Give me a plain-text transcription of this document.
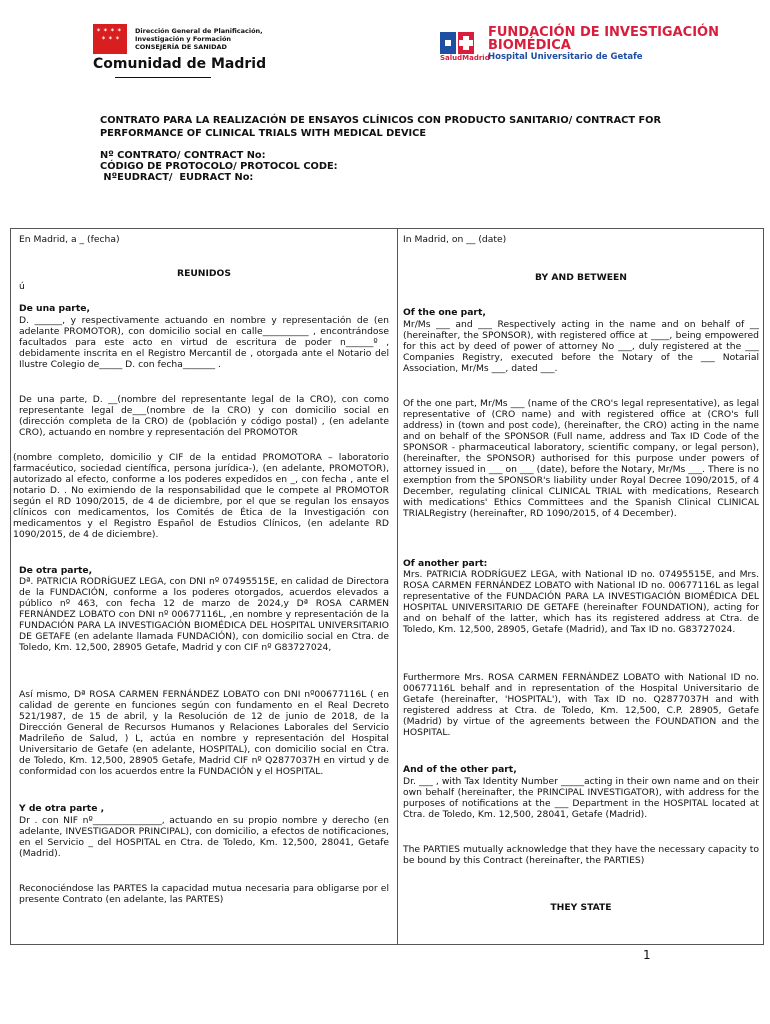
✶ ✶ ✶ ✶
✶ ✶ ✶
Dirección General de Planificación,
Investigación y Formación
CONSEJERÍA DE SANIDAD
Comunidad de Madrid
FUNDACIÓN DE INVESTIGACIÓN
BIOMÉDICA
SaludMadrid
Hospital Universitario de Getafe
CONTRATO PARA LA REALIZACIÓN DE ENSAYOS CLÍNICOS CON PRODUCTO SANITARIO/ CONTRACT FOR PERFORMANCE OF CLINICAL TRIALS WITH MEDICAL DEVICE
Nº CONTRATO/ CONTRACT No:
CÓDIGO DE PROTOCOLO/ PROTOCOL CODE:
NºEUDRACT/  EUDRACT No:

En Madrid, a _ (fecha)

REUNIDOS

ú

De una parte,

D. ______, y respectivamente actuando en nombre y representación de (en adelante PROMOTOR), con domicilio social en calle__________ , encontrándose facultados para este acto en virtud de escritura de poder n______º , debidamente inscrita en el Registro Mercantil de , otorgada ante el Notario del Ilustre Colegio de_____ D. con fecha_______ .

De una parte, D. __(nombre del representante legal de la CRO), con como representante legal de___(nombre de la CRO) y con domicilio social en (dirección completa de la CRO) de (población y código postal) , (en adelante CRO), actuando en nombre y representación del PROMOTOR

(nombre completo, domicilio y CIF de la entidad PROMOTORA – laboratorio farmacéutico, sociedad científica, persona jurídica-), (en adelante, PROMOTOR), autorizado al efecto, conforme a los poderes expedidos en _, con fecha , ante el notario D. . No eximiendo de la responsabilidad que le compete al PROMOTOR según el RD 1090/2015, de 4 de diciembre, por el que se regulan los ensayos clínicos con medicamentos, los Comités de Ética de la Investigación con medicamentos y el Registro Español de Estudios Clínicos, (en adelante RD 1090/2015, de 4 de diciembre).

De otra parte,

Dª. PATRICIA RODRÍGUEZ LEGA, con DNI nº 07495515E, en calidad de Directora de la FUNDACIÓN, conforme a los poderes otorgados, acuerdos elevados a público nº 463, con fecha 12 de marzo de 2024,y Dª ROSA CARMEN FERNÁNDEZ LOBATO con DNI nº 00677116L, ,en nombre y representación de la FUNDACIÓN PARA LA INVESTIGACIÓN BIOMÉDICA DEL HOSPITAL UNIVERSITARIO DE GETAFE (en adelante llamada FUNDACIÓN), con domicilio social en Ctra. de Toledo, Km. 12,500, 28905 Getafe, Madrid y con CIF nº G83727024,

Así mismo, Dª ROSA CARMEN FERNÁNDEZ LOBATO con DNI nº00677116L ( en calidad de gerente en funciones según con fundamento en el Real Decreto 521/1987, de 15 de abril, y la Resolución de 12 de junio de 2018, de la Dirección General de Recursos Humanos y Relaciones Laborales del Servicio Madrileño de Salud, ) L, actúa en nombre y representación del Hospital Universitario de Getafe (en adelante, HOSPITAL), con domicilio social en Ctra. de Toledo, Km. 12,500, 28905 Getafe, Madrid CIF nº Q2877037H en virtud y de conformidad con los acuerdos entre la FUNDACIÓN y el HOSPITAL.

Y de otra parte ,

Dr . con NIF nº_______________, actuando en su propio nombre y derecho (en adelante, INVESTIGADOR PRINCIPAL), con domicilio, a efectos de notificaciones, en el Servicio _ del HOSPITAL en Ctra. de Toledo, Km. 12,500, 28041, Getafe (Madrid).

Reconociéndose las PARTES la capacidad mutua necesaria para obligarse por el presente Contrato (en adelante, las PARTES)

In Madrid, on __ (date)

BY AND BETWEEN

Of the one part,

Mr/Ms ___ and ___ Respectively acting in the name and on behalf of __ (hereinafter, the SPONSOR), with registered office at ____, being empowered for this act by deed of power of attorney No ___, duly registered at the ___ Companies Registry, executed before the Notary of the ___ Notarial Association, Mr/Ms ___, dated ___.

Of the one part, Mr/Ms ___ (name of the CRO's legal representative), as legal representative of (CRO name) and with registered office at (CRO's full address) in (town and post code), (hereinafter, the CRO) acting in the name and on behalf of the SPONSOR (Full name, address and Tax ID Code of the SPONSOR - pharmaceutical laboratory, scientific company, or legal person), (hereinafter, the SPONSOR) authorised for this purpose under powers of attorney issued in ___ on ___ (date), before the Notary, Mr/Ms ___. There is no exemption from the SPONSOR's liability under Royal Decree 1090/2015, of 4 December, regulating clinical CLINICAL TRIAL with medications, Research with medications' Ethics Committees and the Spanish Clinical CLINICAL TRIALRegistry (hereinafter, RD 1090/2015, of 4 December).

Of another part:

Mrs. PATRICIA RODRÍGUEZ LEGA, with National ID no. 07495515E, and Mrs. ROSA CARMEN FERNÁNDEZ LOBATO with National ID no. 00677116L as legal representative of the FUNDACIÓN PARA LA INVESTIGACIÓN BIOMÉDICA DEL HOSPITAL UNIVERSITARIO DE GETAFE (hereinafter FOUNDATION), acting for and on behalf of the latter, which has its registered address at Ctra. de Toledo, Km. 12,500, 28905, Getafe (Madrid), and Tax ID no. G83727024.

Furthermore Mrs. ROSA CARMEN FERNÁNDEZ LOBATO with National ID no. 00677116L behalf and in representation of the Hospital Universitario de Getafe (hereinafter, 'HOSPITAL'), with Tax ID no. Q2877037H and with registered address at Ctra. de Toledo, Km. 12,500, C.P. 28905, Getafe (Madrid) by virtue of the agreements between the FOUNDATION and the HOSPITAL.

And of the other part,

Dr. ___ , with Tax Identity Number _____acting in their own name and on their own behalf (hereinafter, the PRINCIPAL INVESTIGATOR), with address for the purposes of notifications at the ___ Department in the HOSPITAL located at Ctra. de Toledo, Km. 12,500, 28041, Getafe (Madrid).

The PARTIES mutually acknowledge that they have the necessary capacity to be bound by this Contract (hereinafter, the PARTIES)

THEY STATE

1
